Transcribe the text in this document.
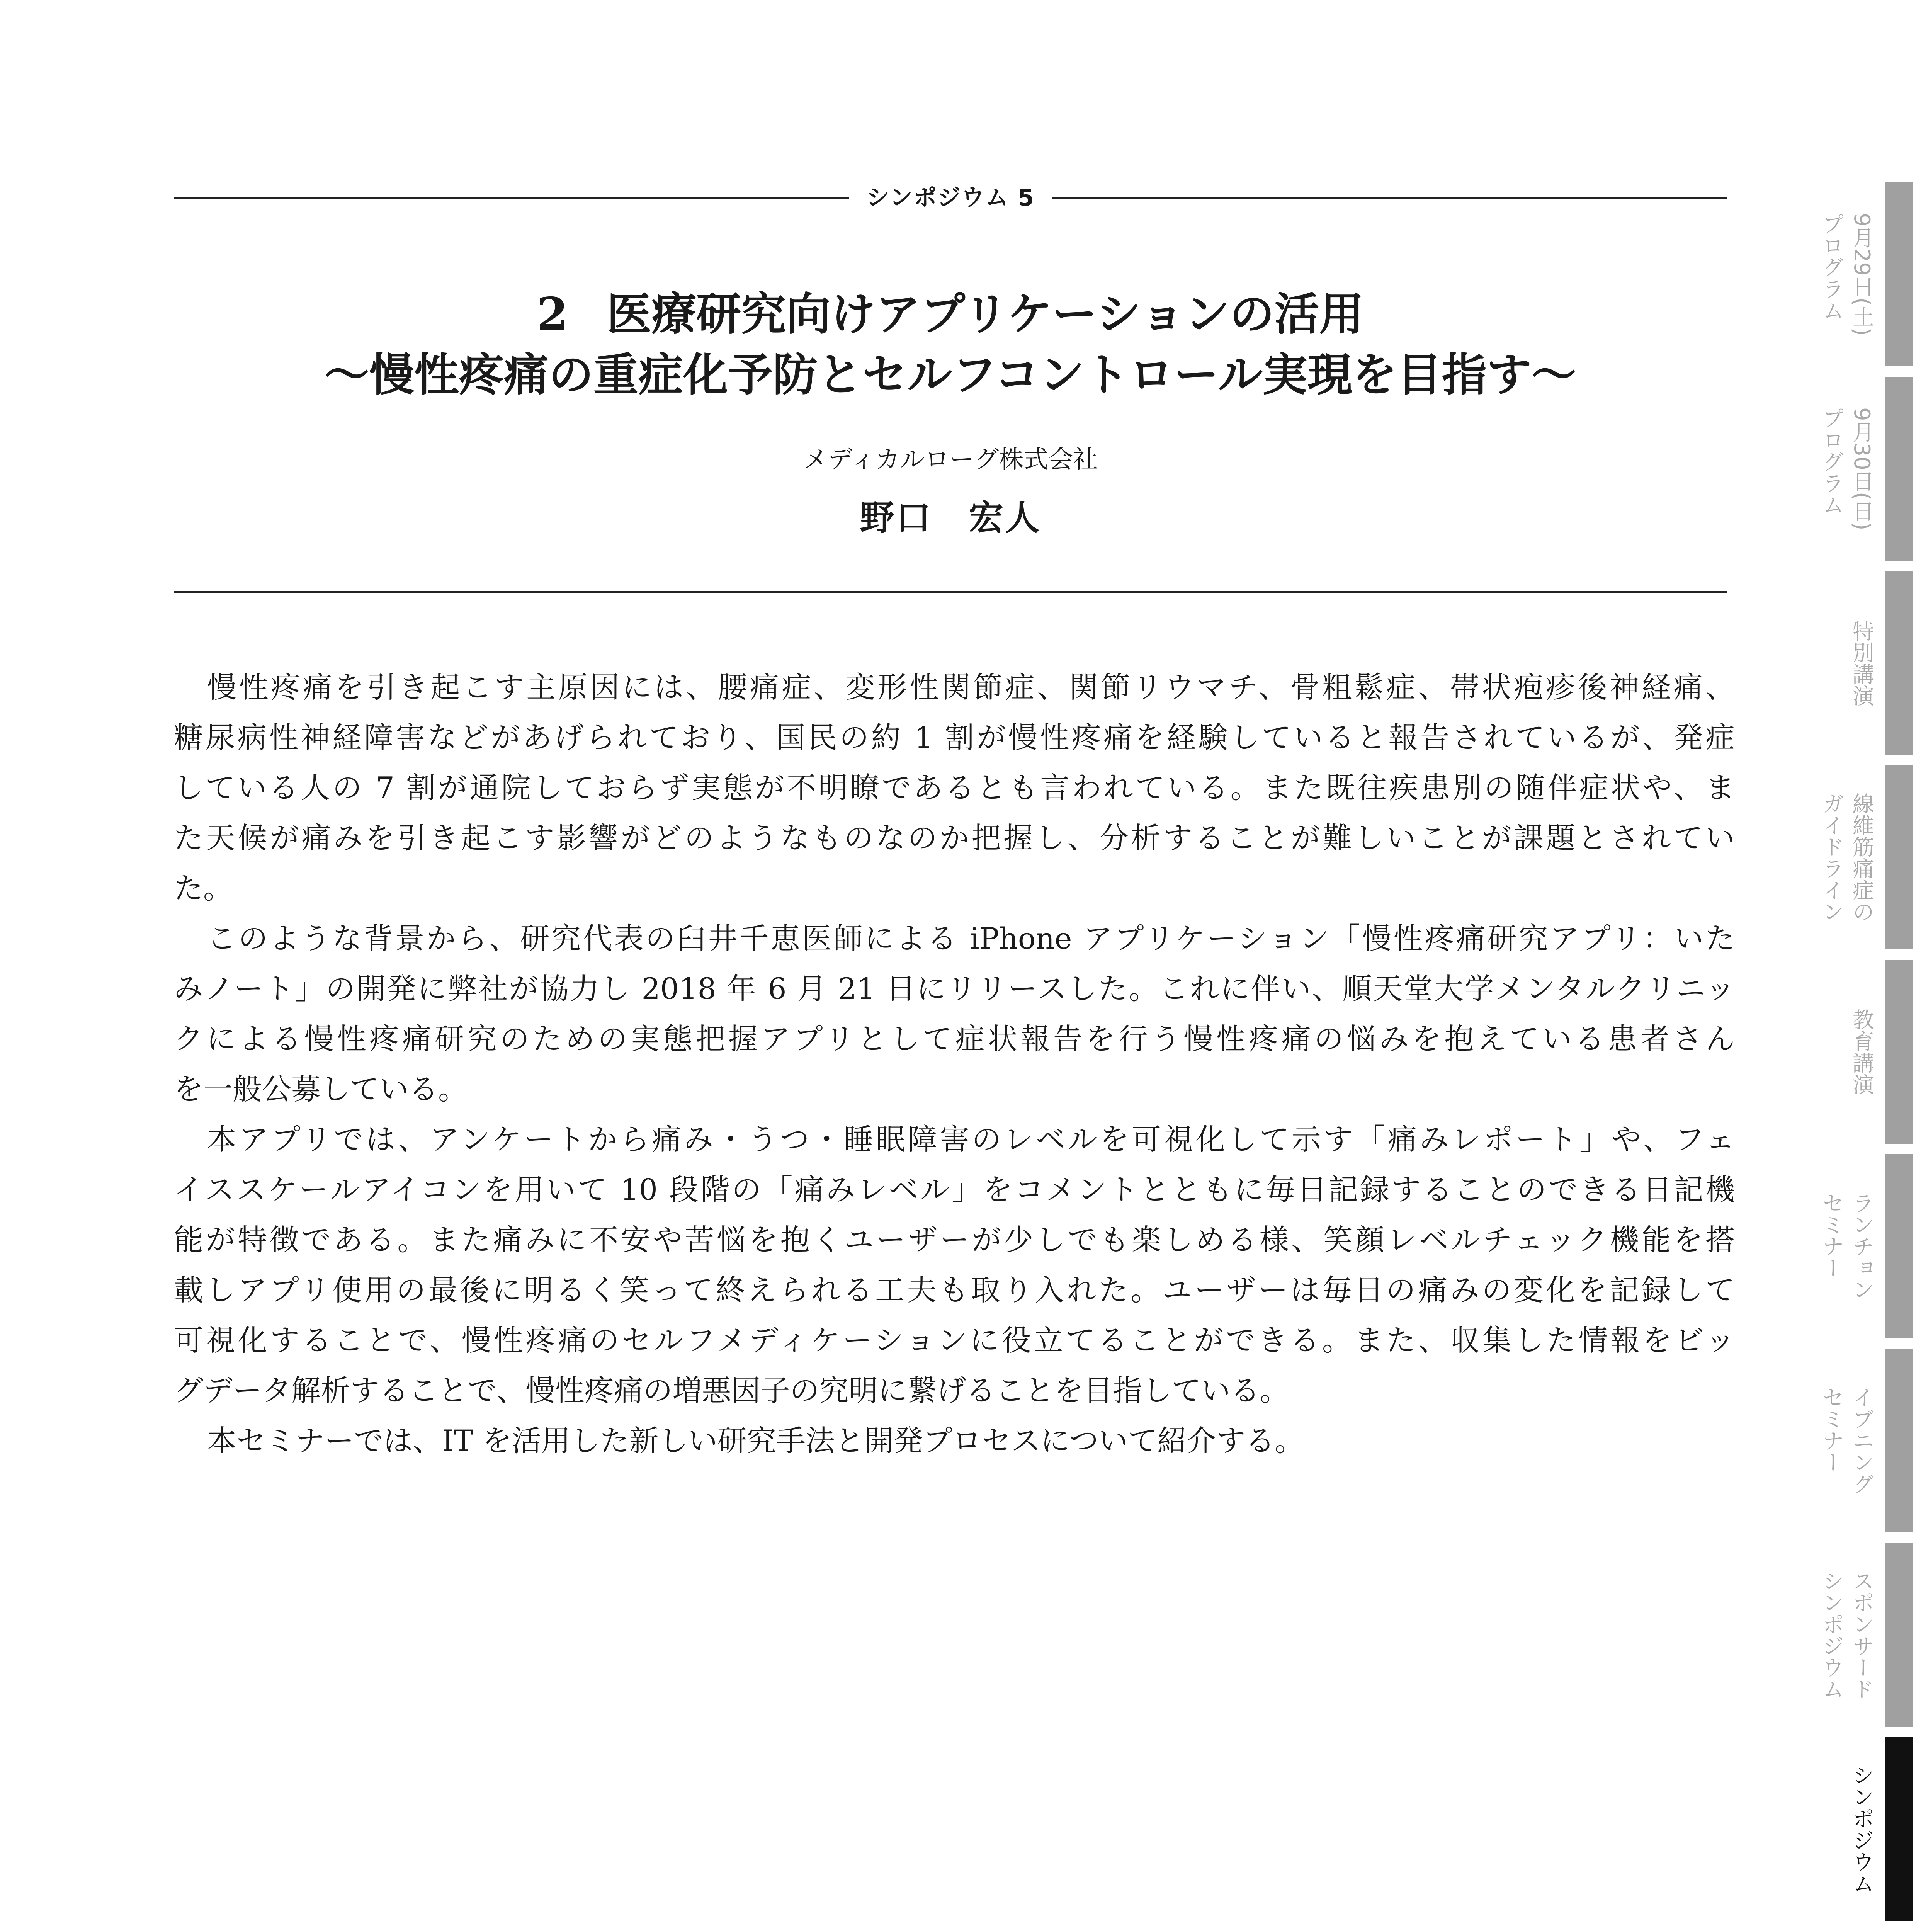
シンポジウム 5
2 医療研究向けアプリケーションの活用
～慢性疼痛の重症化予防とセルフコントロール実現を目指す～
メディカルローグ株式会社
野口　宏人
慢性疼痛を引き起こす主原因には、腰痛症、変形性関節症、関節リウマチ、骨粗鬆症、帯状疱疹後神経痛、
糖尿病性神経障害などがあげられており、国民の約 1 割が慢性疼痛を経験していると報告されているが、発症
している人の 7 割が通院しておらず実態が不明瞭であるとも言われている。また既往疾患別の随伴症状や、ま
た天候が痛みを引き起こす影響がどのようなものなのか把握し、分析することが難しいことが課題とされてい
た。
このような背景から、研究代表の臼井千恵医師による iPhone アプリケーション「慢性疼痛研究アプリ：いた
みノート」の開発に弊社が協力し 2018 年 6 月 21 日にリリースした。これに伴い、順天堂大学メンタルクリニッ
クによる慢性疼痛研究のための実態把握アプリとして症状報告を行う慢性疼痛の悩みを抱えている患者さん
を一般公募している。
本アプリでは、アンケートから痛み・うつ・睡眠障害のレベルを可視化して示す「痛みレポート」や、フェ
イススケールアイコンを用いて 10 段階の「痛みレベル」をコメントとともに毎日記録することのできる日記機
能が特徴である。また痛みに不安や苦悩を抱くユーザーが少しでも楽しめる様、笑顔レベルチェック機能を搭
載しアプリ使用の最後に明るく笑って終えられる工夫も取り入れた。ユーザーは毎日の痛みの変化を記録して
可視化することで、慢性疼痛のセルフメディケーションに役立てることができる。また、収集した情報をビッ
グデータ解析することで、慢性疼痛の増悪因子の究明に繋げることを目指している。
本セミナーでは、IT を活用した新しい研究手法と開発プロセスについて紹介する。
9月29日(土)
プログラム
9月30日(日)
プログラム
特別講演
線維筋痛症の
ガイドライン
教育講演
ランチョン
セミナー
イブニング
セミナー
スポンサード
シンポジウム
シンポジウム
